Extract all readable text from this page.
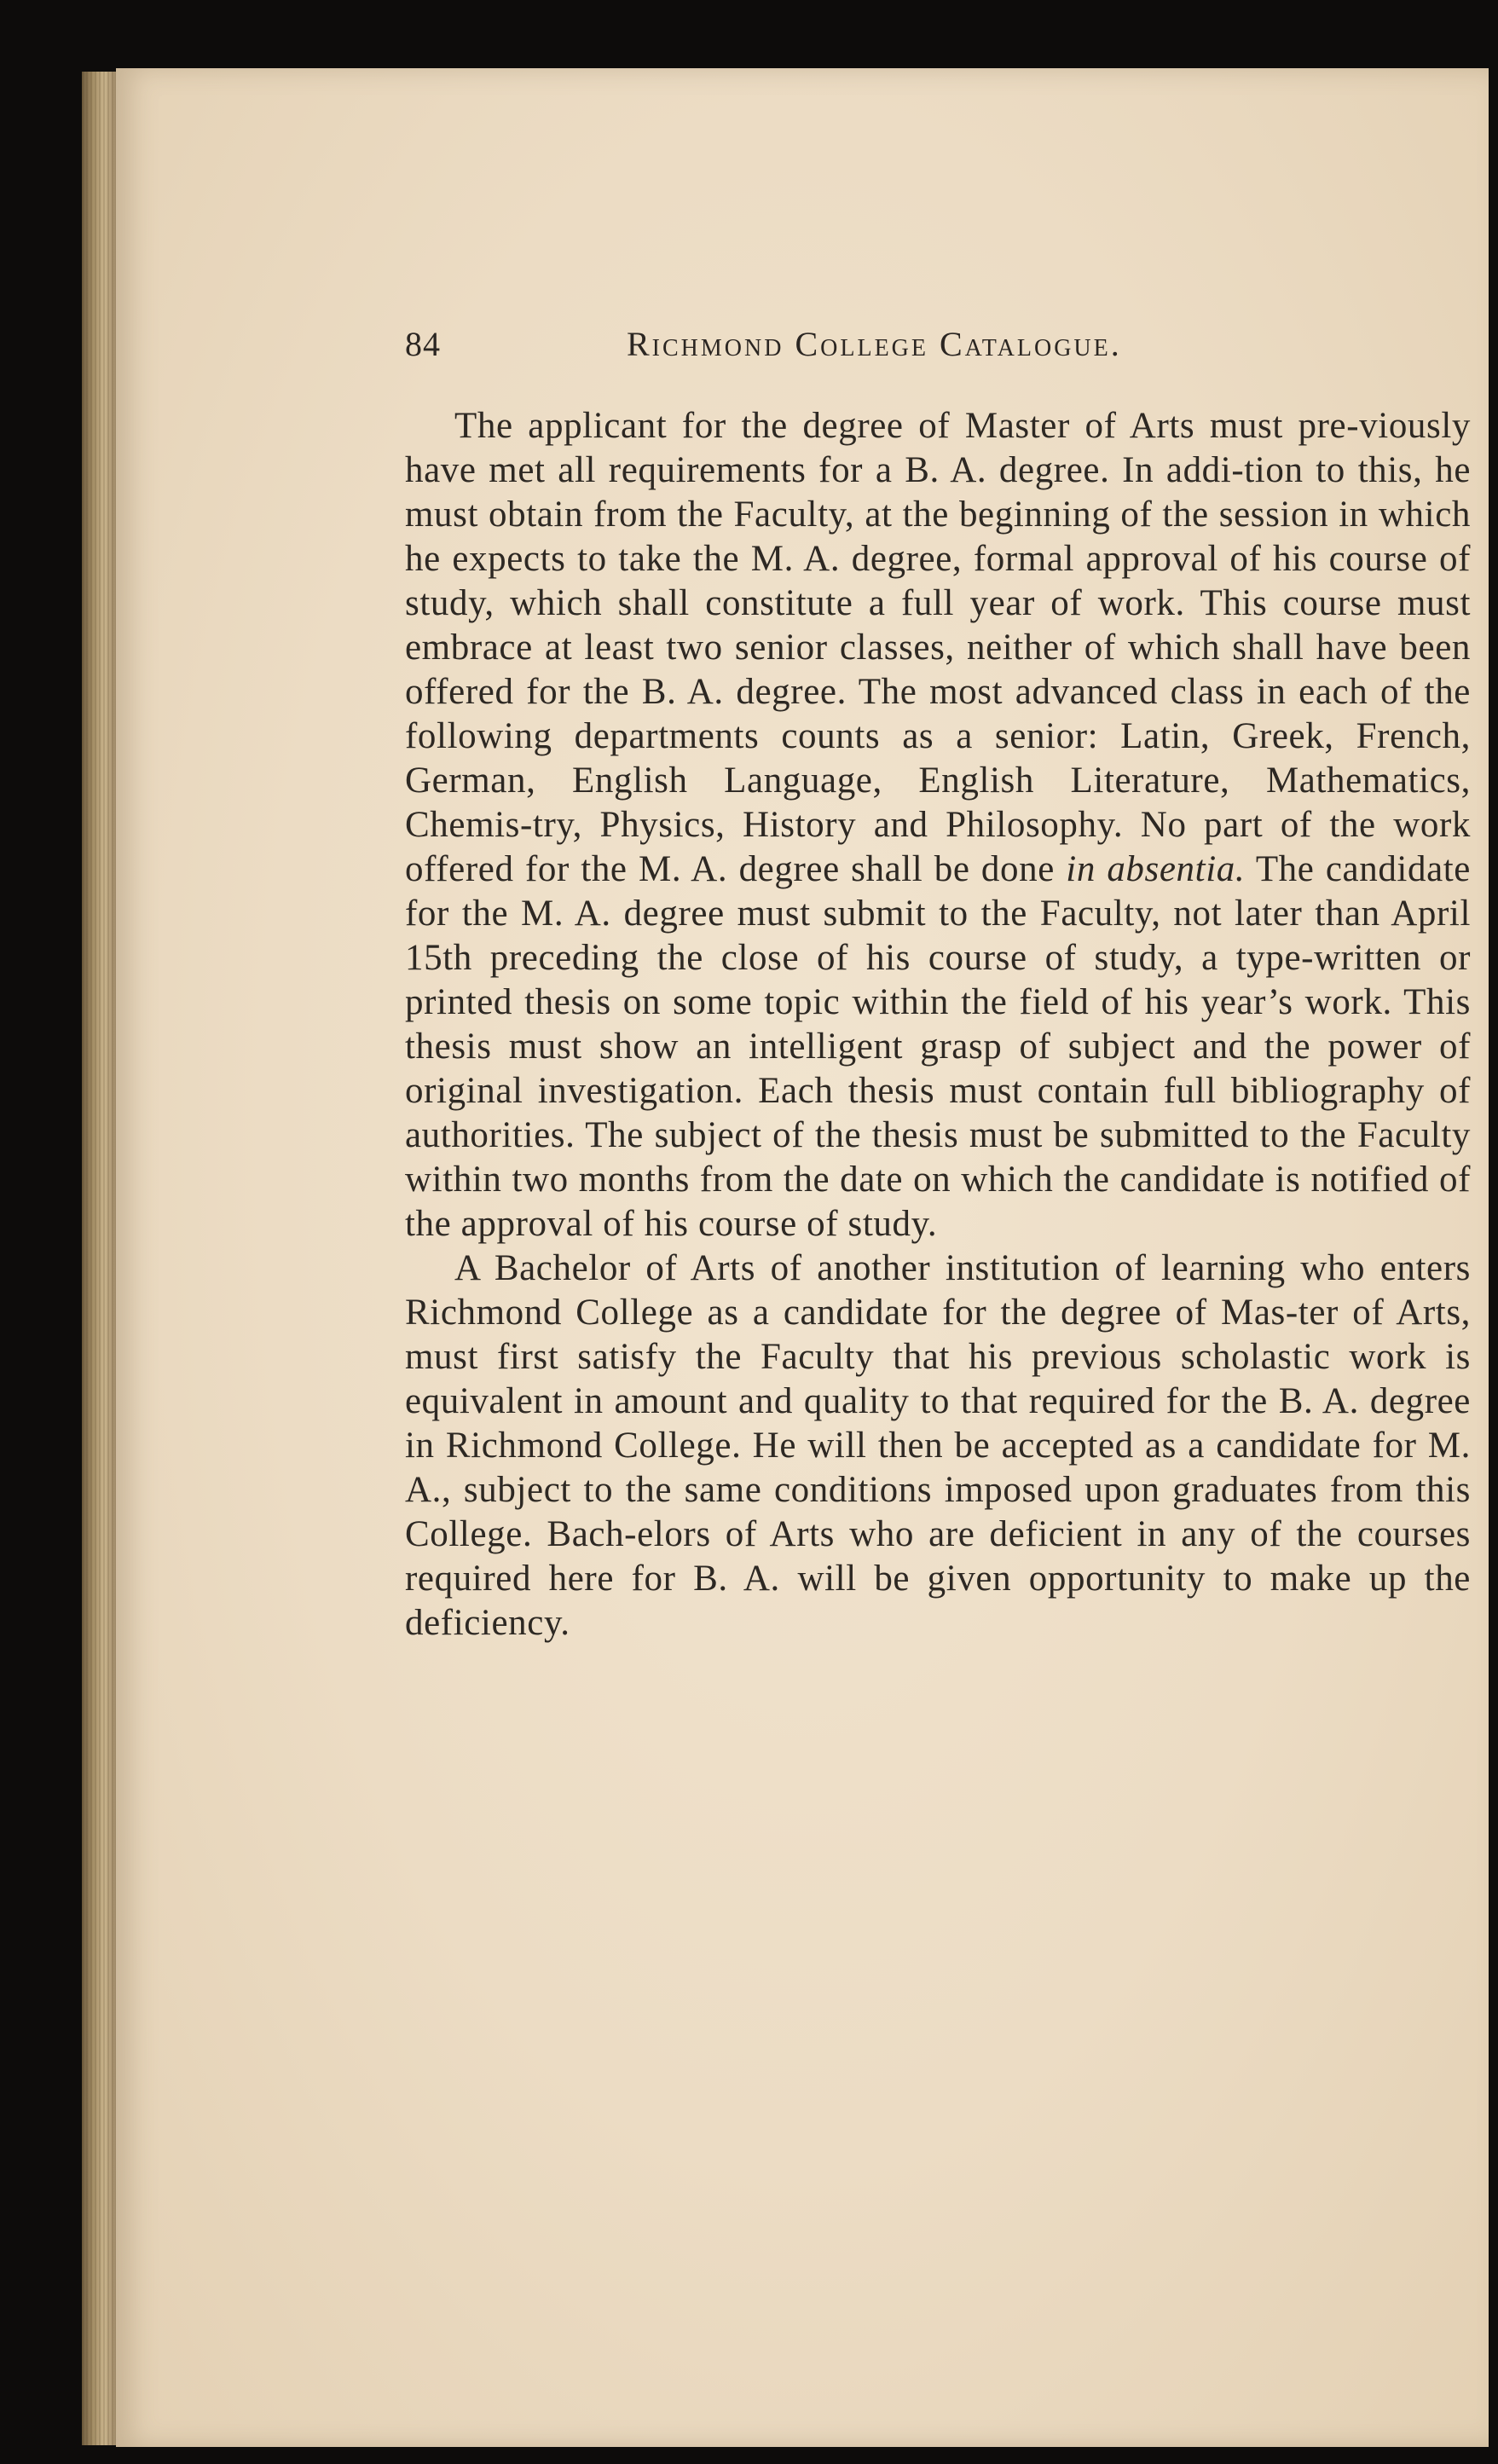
84	Richmond College Catalogue.

The applicant for the degree of Master of Arts must pre-viously have met all requirements for a B. A. degree. In addi-tion to this, he must obtain from the Faculty, at the beginning of the session in which he expects to take the M. A. degree, formal approval of his course of study, which shall constitute a full year of work. This course must embrace at least two senior classes, neither of which shall have been offered for the B. A. degree. The most advanced class in each of the following departments counts as a senior: Latin, Greek, French, German, English Language, English Literature, Mathematics, Chemis-try, Physics, History and Philosophy. No part of the work offered for the M. A. degree shall be done in absentia. The candidate for the M. A. degree must submit to the Faculty, not later than April 15th preceding the close of his course of study, a type-written or printed thesis on some topic within the field of his year’s work. This thesis must show an intelligent grasp of subject and the power of original investigation. Each thesis must contain full bibliography of authorities. The subject of the thesis must be submitted to the Faculty within two months from the date on which the candidate is notified of the approval of his course of study.

A Bachelor of Arts of another institution of learning who enters Richmond College as a candidate for the degree of Mas-ter of Arts, must first satisfy the Faculty that his previous scholastic work is equivalent in amount and quality to that required for the B. A. degree in Richmond College. He will then be accepted as a candidate for M. A., subject to the same conditions imposed upon graduates from this College. Bach-elors of Arts who are deficient in any of the courses required here for B. A. will be given opportunity to make up the deficiency.
